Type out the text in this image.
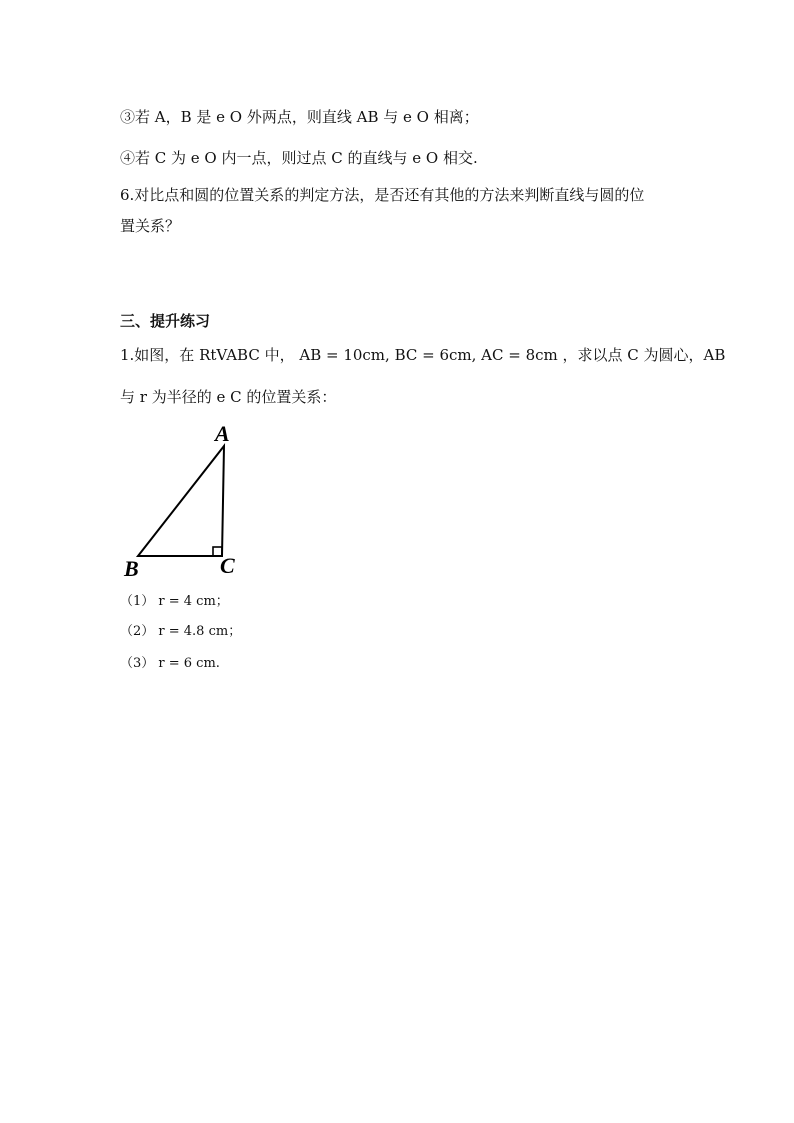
③若 A，B 是 e O 外两点，则直线 AB 与 e O 相离；
④若 C 为 e O 内一点，则过点 C 的直线与 e O 相交.
6.对比点和圆的位置关系的判定方法，是否还有其他的方法来判断直线与圆的位
置关系？
三、提升练习
1.如图，在 RtVABC 中， AB = 10cm, BC = 6cm, AC = 8cm ，求以点 C 为圆心，AB
与 r 为半径的 e C 的位置关系：
A
B	C
（1） r = 4 cm；
（2） r = 4.8 cm；
（3） r = 6 cm.
